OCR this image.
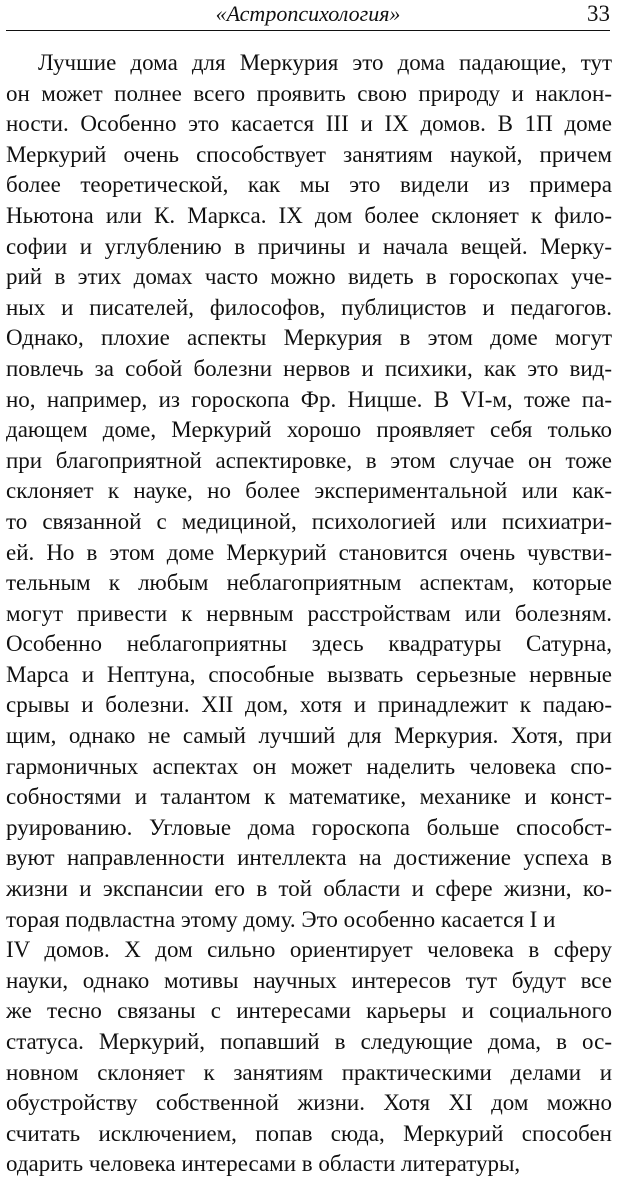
«Астропсихология»	33
Лучшие дома для Меркурия это дома падающие, тут
он может полнее всего проявить свою природу и наклон-
ности. Особенно это касается III и IX домов. В 1П доме
Меркурий очень способствует занятиям наукой, причем
более теоретической, как мы это видели из примера
Ньютона или К. Маркса. IX дом более склоняет к фило-
софии и углублению в причины и начала вещей. Мерку-
рий в этих домах часто можно видеть в гороскопах уче-
ных и писателей, философов, публицистов и педагогов.
Однако, плохие аспекты Меркурия в этом доме могут
повлечь за собой болезни нервов и психики, как это вид-
но, например, из гороскопа Фр. Ницше. В VI-м, тоже па-
дающем доме, Меркурий хорошо проявляет себя только
при благоприятной аспектировке, в этом случае он тоже
склоняет к науке, но более экспериментальной или как-
то связанной с медициной, психологией или психиатри-
ей. Но в этом доме Меркурий становится очень чувстви-
тельным к любым неблагоприятным аспектам, которые
могут привести к нервным расстройствам или болезням.
Особенно неблагоприятны здесь квадратуры Сатурна,
Марса и Нептуна, способные вызвать серьезные нервные
срывы и болезни. XII дом, хотя и принадлежит к падаю-
щим, однако не самый лучший для Меркурия. Хотя, при
гармоничных аспектах он может наделить человека спо-
собностями и талантом к математике, механике и конст-
руированию. Угловые дома гороскопа больше способст-
вуют направленности интеллекта на достижение успеха в
жизни и экспансии его в той области и сфере жизни, ко-
торая подвластна этому дому. Это особенно касается I и
IV домов. X дом сильно ориентирует человека в сферу
науки, однако мотивы научных интересов тут будут все
же тесно связаны с интересами карьеры и социального
статуса. Меркурий, попавший в следующие дома, в ос-
новном склоняет к занятиям практическими делами и
обустройству собственной жизни. Хотя XI дом можно
считать исключением, попав сюда, Меркурий способен
одарить человека интересами в области литературы,
